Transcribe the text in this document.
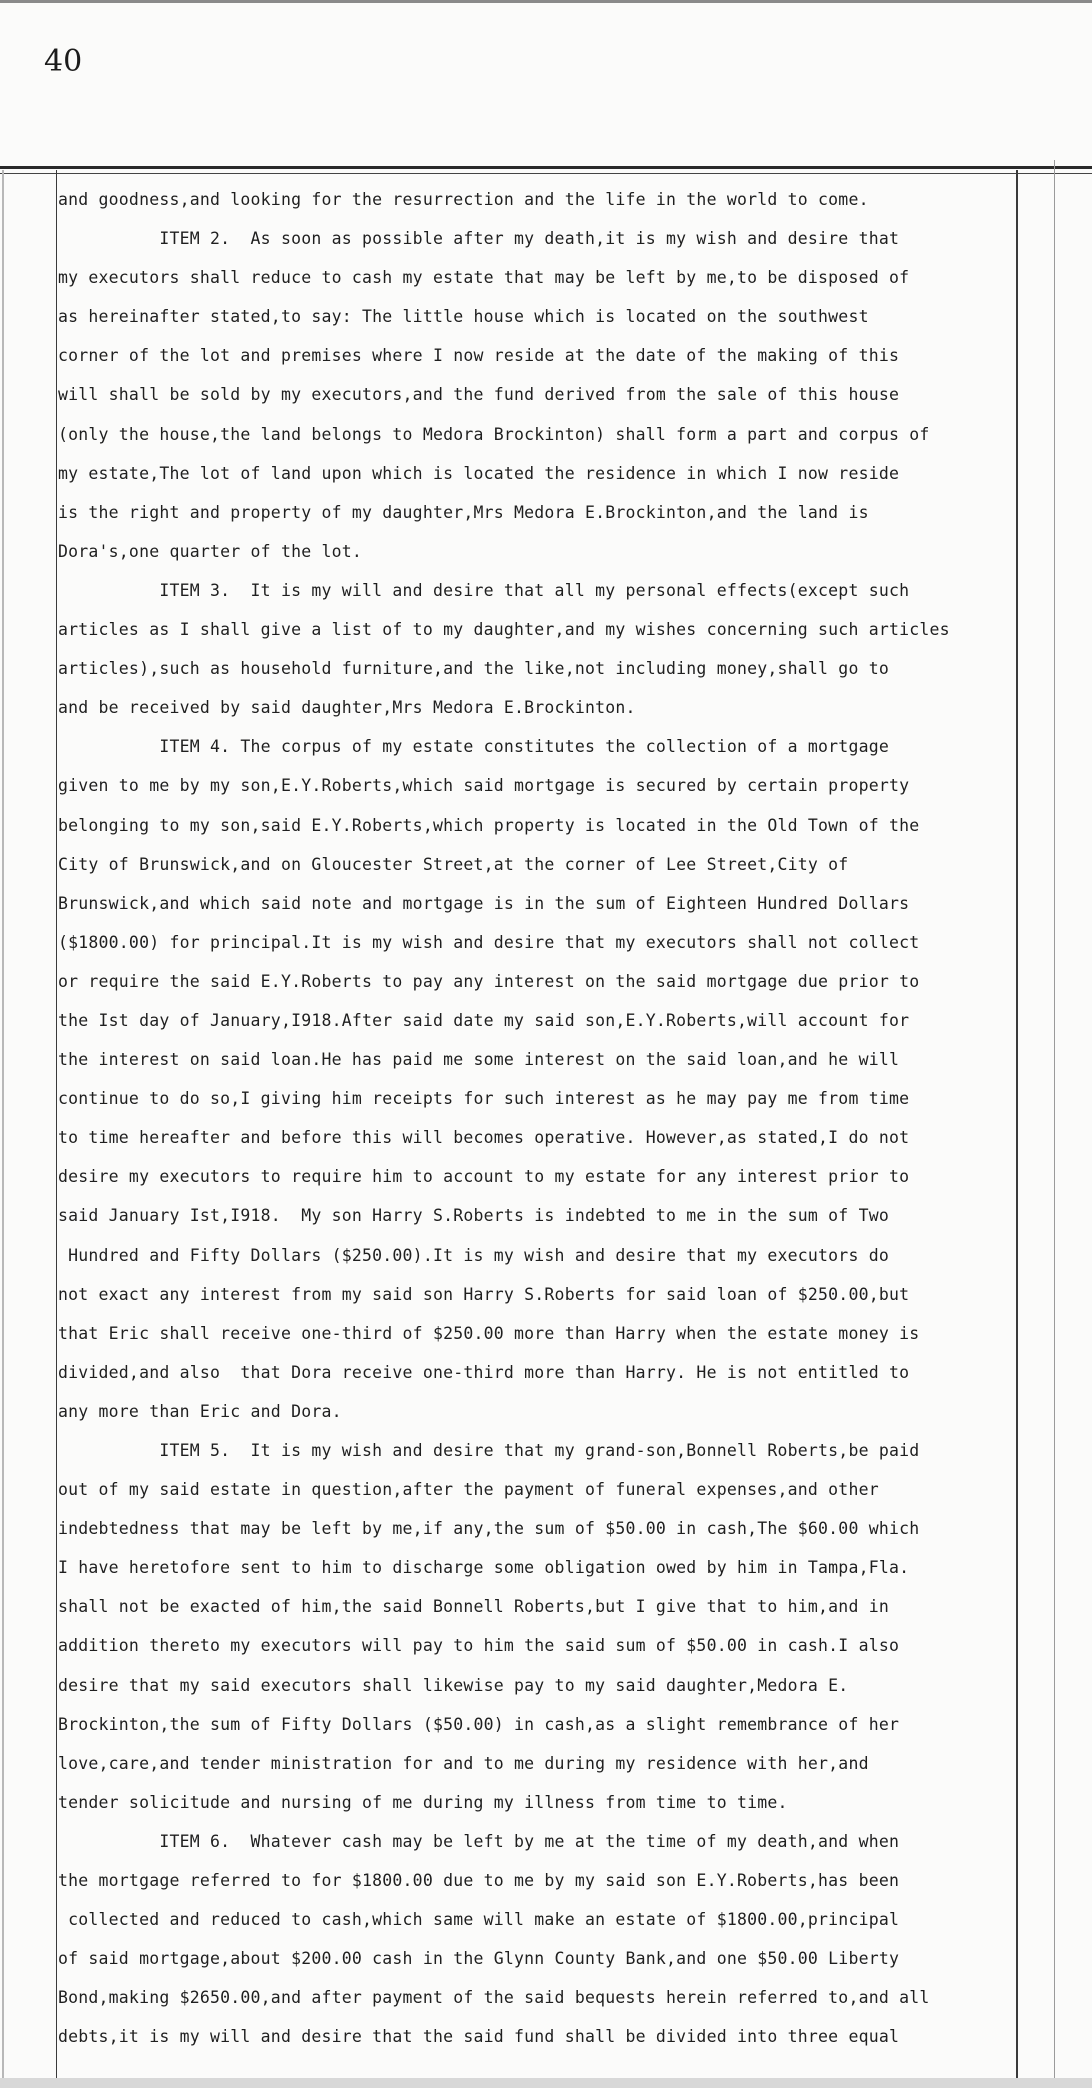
40
and goodness,and looking for the resurrection and the life in the world to come.
ITEM 2.  As soon as possible after my death,it is my wish and desire that
my executors shall reduce to cash my estate that may be left by me,to be disposed of
as hereinafter stated,to say: The little house which is located on the southwest
corner of the lot and premises where I now reside at the date of the making of this
will shall be sold by my executors,and the fund derived from the sale of this house
(only the house,the land belongs to Medora Brockinton) shall form a part and corpus of
my estate,The lot of land upon which is located the residence in which I now reside
is the right and property of my daughter,Mrs Medora E.Brockinton,and the land is
Dora's,one quarter of the lot.
ITEM 3.  It is my will and desire that all my personal effects(except such
articles as I shall give a list of to my daughter,and my wishes concerning such articles
articles),such as household furniture,and the like,not including money,shall go to
and be received by said daughter,Mrs Medora E.Brockinton.
ITEM 4. The corpus of my estate constitutes the collection of a mortgage
given to me by my son,E.Y.Roberts,which said mortgage is secured by certain property
belonging to my son,said E.Y.Roberts,which property is located in the Old Town of the
City of Brunswick,and on Gloucester Street,at the corner of Lee Street,City of
Brunswick,and which said note and mortgage is in the sum of Eighteen Hundred Dollars
($1800.00) for principal.It is my wish and desire that my executors shall not collect
or require the said E.Y.Roberts to pay any interest on the said mortgage due prior to
the Ist day of January,I918.After said date my said son,E.Y.Roberts,will account for
the interest on said loan.He has paid me some interest on the said loan,and he will
continue to do so,I giving him receipts for such interest as he may pay me from time
to time hereafter and before this will becomes operative. However,as stated,I do not
desire my executors to require him to account to my estate for any interest prior to
said January Ist,I918.  My son Harry S.Roberts is indebted to me in the sum of Two
Hundred and Fifty Dollars ($250.00).It is my wish and desire that my executors do
not exact any interest from my said son Harry S.Roberts for said loan of $250.00,but
that Eric shall receive one-third of $250.00 more than Harry when the estate money is
divided,and also  that Dora receive one-third more than Harry. He is not entitled to
any more than Eric and Dora.
ITEM 5.  It is my wish and desire that my grand-son,Bonnell Roberts,be paid
out of my said estate in question,after the payment of funeral expenses,and other
indebtedness that may be left by me,if any,the sum of $50.00 in cash,The $60.00 which
I have heretofore sent to him to discharge some obligation owed by him in Tampa,Fla.
shall not be exacted of him,the said Bonnell Roberts,but I give that to him,and in
addition thereto my executors will pay to him the said sum of $50.00 in cash.I also
desire that my said executors shall likewise pay to my said daughter,Medora E.
Brockinton,the sum of Fifty Dollars ($50.00) in cash,as a slight remembrance of her
love,care,and tender ministration for and to me during my residence with her,and
tender solicitude and nursing of me during my illness from time to time.
ITEM 6.  Whatever cash may be left by me at the time of my death,and when
the mortgage referred to for $1800.00 due to me by my said son E.Y.Roberts,has been
collected and reduced to cash,which same will make an estate of $1800.00,principal
of said mortgage,about $200.00 cash in the Glynn County Bank,and one $50.00 Liberty
Bond,making $2650.00,and after payment of the said bequests herein referred to,and all
debts,it is my will and desire that the said fund shall be divided into three equal
